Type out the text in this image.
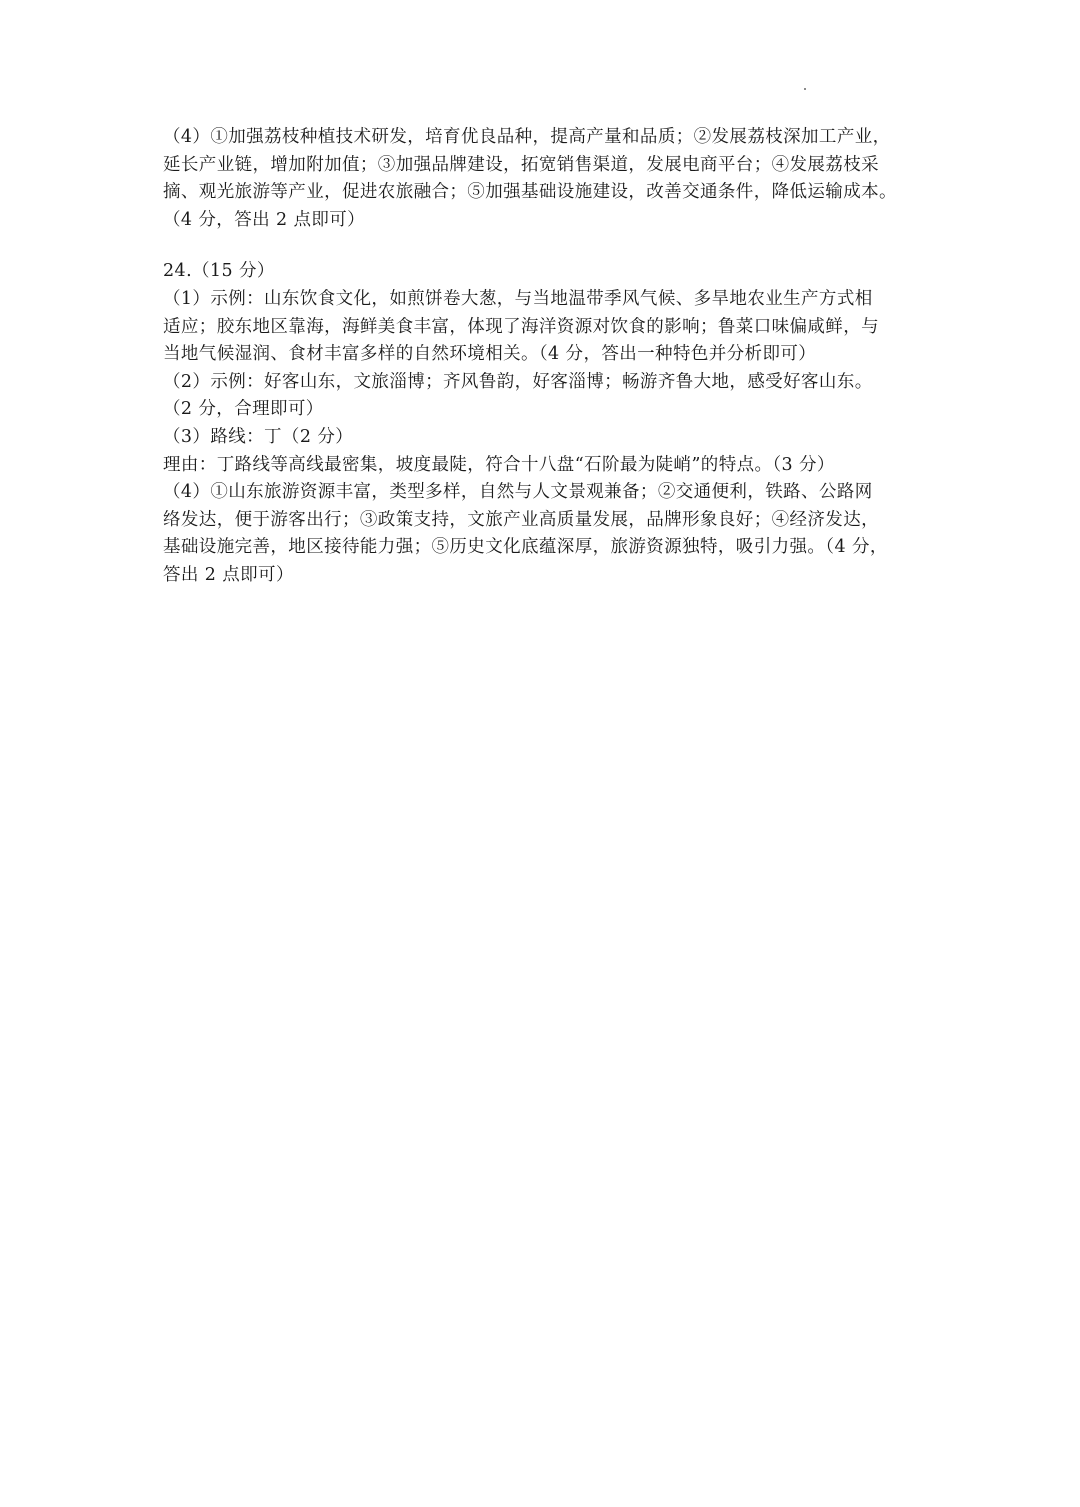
（4）①加强荔枝种植技术研发，培育优良品种，提高产量和品质；②发展荔枝深加工产业，
延长产业链，增加附加值；③加强品牌建设，拓宽销售渠道，发展电商平台；④发展荔枝采
摘、观光旅游等产业，促进农旅融合；⑤加强基础设施建设，改善交通条件，降低运输成本。
（4 分，答出 2 点即可）
24.（15 分）
（1）示例：山东饮食文化，如煎饼卷大葱，与当地温带季风气候、多旱地农业生产方式相
适应；胶东地区靠海，海鲜美食丰富，体现了海洋资源对饮食的影响；鲁菜口味偏咸鲜，与
当地气候湿润、食材丰富多样的自然环境相关。（4 分，答出一种特色并分析即可）
（2）示例：好客山东，文旅淄博；齐风鲁韵，好客淄博；畅游齐鲁大地，感受好客山东。
（2 分，合理即可）
（3）路线：丁（2 分）
理由：丁路线等高线最密集，坡度最陡，符合十八盘“石阶最为陡峭”的特点。（3 分）
（4）①山东旅游资源丰富，类型多样，自然与人文景观兼备；②交通便利，铁路、公路网
络发达，便于游客出行；③政策支持，文旅产业高质量发展，品牌形象良好；④经济发达，
基础设施完善，地区接待能力强；⑤历史文化底蕴深厚，旅游资源独特，吸引力强。（4 分，
答出 2 点即可）
